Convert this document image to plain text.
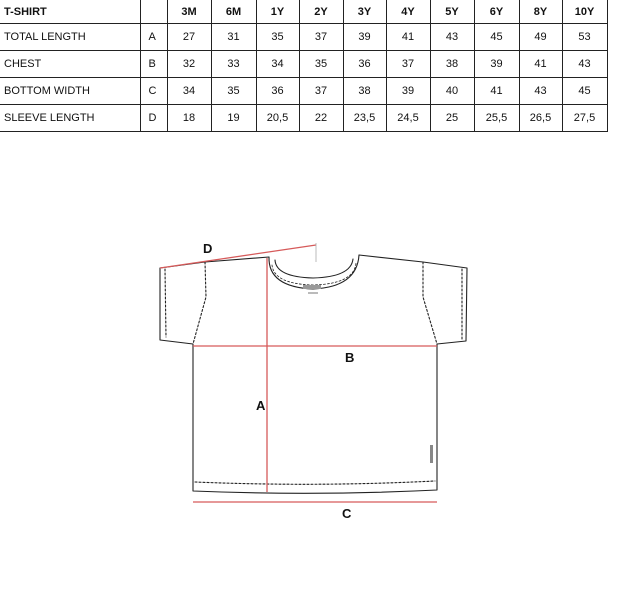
T-SHIRT		3M	6M	1Y	2Y	3Y	4Y	5Y	6Y	8Y	10Y
TOTAL LENGTH	A	27	31	35	37	39	41	43	45	49	53
CHEST	B	32	33	34	35	36	37	38	39	41	43
BOTTOM WIDTH	C	34	35	36	37	38	39	40	41	43	45
SLEEVE LENGTH	D	18	19	20,5	22	23,5	24,5	25	25,5	26,5	27,5
D
A
B
C
